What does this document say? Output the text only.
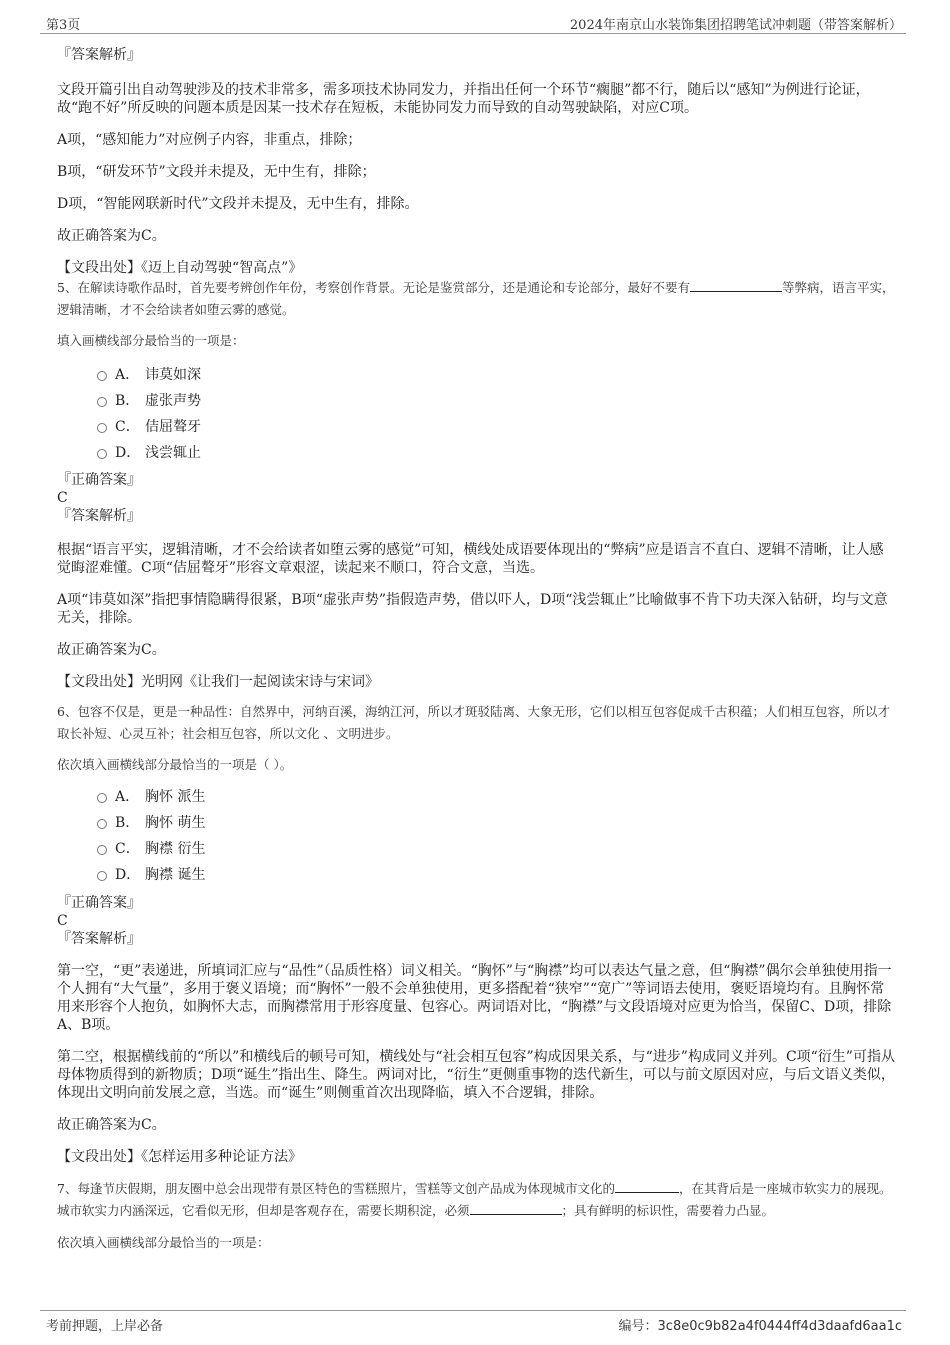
第3页	2024年南京山水装饰集团招聘笔试冲刺题（带答案解析）

『答案解析』

文段开篇引出自动驾驶涉及的技术非常多，需多项技术协同发力，并指出任何一个环节“瘸腿”都不行，随后以“感知”为例进行论证，故“跑不好”所反映的问题本质是因某一技术存在短板，未能协同发力而导致的自动驾驶缺陷，对应C项。

A项，“感知能力”对应例子内容，非重点，排除；

B项，“研发环节”文段并未提及，无中生有，排除；

D项，“智能网联新时代”文段并未提及，无中生有，排除。

故正确答案为C。

【文段出处】《迈上自动驾驶“智高点”》

5、在解读诗歌作品时，首先要考辨创作年份，考察创作背景。无论是鉴赏部分，还是通论和专论部分，最好不要有	等弊病，语言平实，逻辑清晰，才不会给读者如堕云雾的感觉。

填入画横线部分最恰当的一项是：

A． 讳莫如深
B． 虚张声势
C． 佶屈聱牙
D． 浅尝辄止

『正确答案』

C

『答案解析』

根据“语言平实，逻辑清晰，才不会给读者如堕云雾的感觉”可知，横线处成语要体现出的“弊病”应是语言不直白、逻辑不清晰，让人感觉晦涩难懂。C项“佶屈聱牙”形容文章艰涩，读起来不顺口，符合文意，当选。

A项“讳莫如深”指把事情隐瞒得很紧，B项“虚张声势”指假造声势，借以吓人，D项“浅尝辄止”比喻做事不肯下功夫深入钻研，均与文意无关，排除。

故正确答案为C。

【文段出处】光明网《让我们一起阅读宋诗与宋词》

6、包容不仅是，更是一种品性：自然界中，河纳百溪，海纳江河，所以才斑驳陆离、大象无形，它们以相互包容促成千古积蕴；人们相互包容，所以才取长补短、心灵互补；社会相互包容，所以文化 、文明进步。

依次填入画横线部分最恰当的一项是（ ）。

A． 胸怀 派生
B． 胸怀 萌生
C． 胸襟 衍生
D． 胸襟 诞生

『正确答案』

C

『答案解析』

第一空，“更”表递进，所填词汇应与“品性”（品质性格）词义相关。“胸怀”与“胸襟”均可以表达气量之意，但“胸襟”偶尔会单独使用指一个人拥有“大气量”，多用于褒义语境；而“胸怀”一般不会单独使用，更多搭配着“狭窄”“宽广”等词语去使用，褒贬语境均有。且胸怀常用来形容个人抱负，如胸怀大志，而胸襟常用于形容度量、包容心。两词语对比，“胸襟”与文段语境对应更为恰当，保留C、D项，排除A、B项。

第二空，根据横线前的“所以”和横线后的顿号可知，横线处与“社会相互包容”构成因果关系，与“进步”构成同义并列。C项“衍生”可指从母体物质得到的新物质；D项“诞生”指出生、降生。两词对比，“衍生”更侧重事物的迭代新生，可以与前文原因对应，与后文语义类似，体现出文明向前发展之意，当选。而“诞生”则侧重首次出现降临，填入不合逻辑，排除。

故正确答案为C。

【文段出处】《怎样运用多种论证方法》

7、每逢节庆假期，朋友圈中总会出现带有景区特色的雪糕照片，雪糕等文创产品成为体现城市文化的	，在其背后是一座城市软实力的展现。城市软实力内涵深远，它看似无形，但却是客观存在，需要长期积淀，必须	；具有鲜明的标识性，需要着力凸显。

依次填入画横线部分最恰当的一项是：

考前押题，上岸必备	编号：3c8e0c9b82a4f0444ff4d3daafd6aa1c
